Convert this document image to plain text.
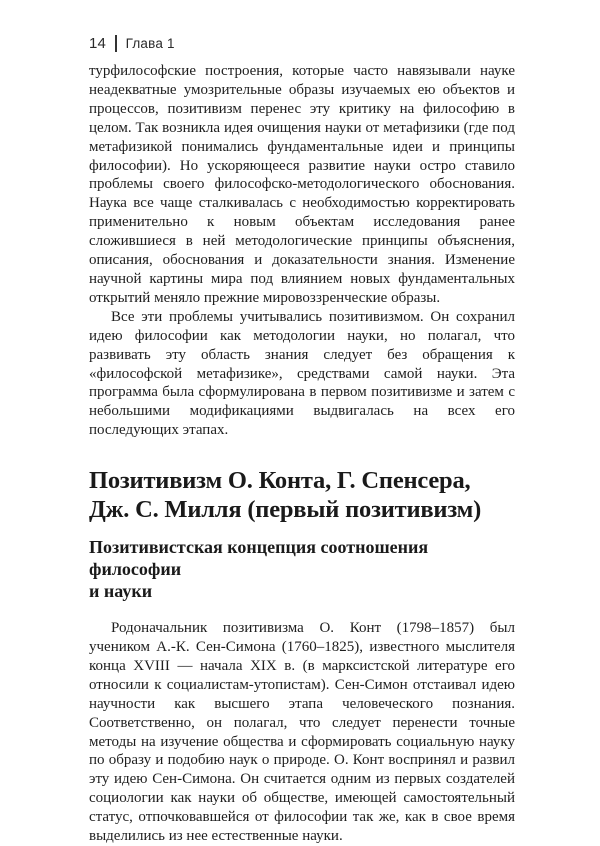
14 Глава 1

турфилософские построения, которые часто навязывали науке неадекватные умозрительные образы изучаемых ею объектов и процессов, позитивизм перенес эту критику на философию в целом. Так возникла идея очищения науки от метафизики (где под метафизикой понимались фундаментальные идеи и принципы философии). Но ускоряющееся развитие науки остро ставило проблемы своего философско-методологического обоснования. Наука все чаще сталкивалась с необходимостью корректировать применительно к новым объектам исследования ранее сложившиеся в ней методологические принципы объяснения, описания, обоснования и доказательности знания. Изменение научной картины мира под влиянием новых фундаментальных открытий меняло прежние мировоззренческие образы.

Все эти проблемы учитывались позитивизмом. Он сохранил идею философии как методологии науки, но полагал, что развивать эту область знания следует без обращения к «философской метафизике», средствами самой науки. Эта программа была сформулирована в первом позитивизме и затем с небольшими модификациями выдвигалась на всех его последующих этапах.

Позитивизм О. Конта, Г. Спенсера,
Дж. С. Милля (первый позитивизм)
Позитивистская концепция соотношения философии
и науки

Родоначальник позитивизма О. Конт (1798–1857) был учеником А.-К. Сен-Симона (1760–1825), известного мыслителя конца XVIII — начала XIX в. (в марксистской литературе его относили к социалистам-утопистам). Сен-Симон отстаивал идею научности как высшего этапа человеческого познания. Соответственно, он полагал, что следует перенести точные методы на изучение общества и сформировать социальную науку по образу и подобию наук о природе. О. Конт воспринял и развил эту идею Сен-Симона. Он считается одним из первых создателей социологии как науки об обществе, имеющей самостоятельный статус, отпочковавшейся от философии так же, как в свое время выделились из нее естественные науки.
